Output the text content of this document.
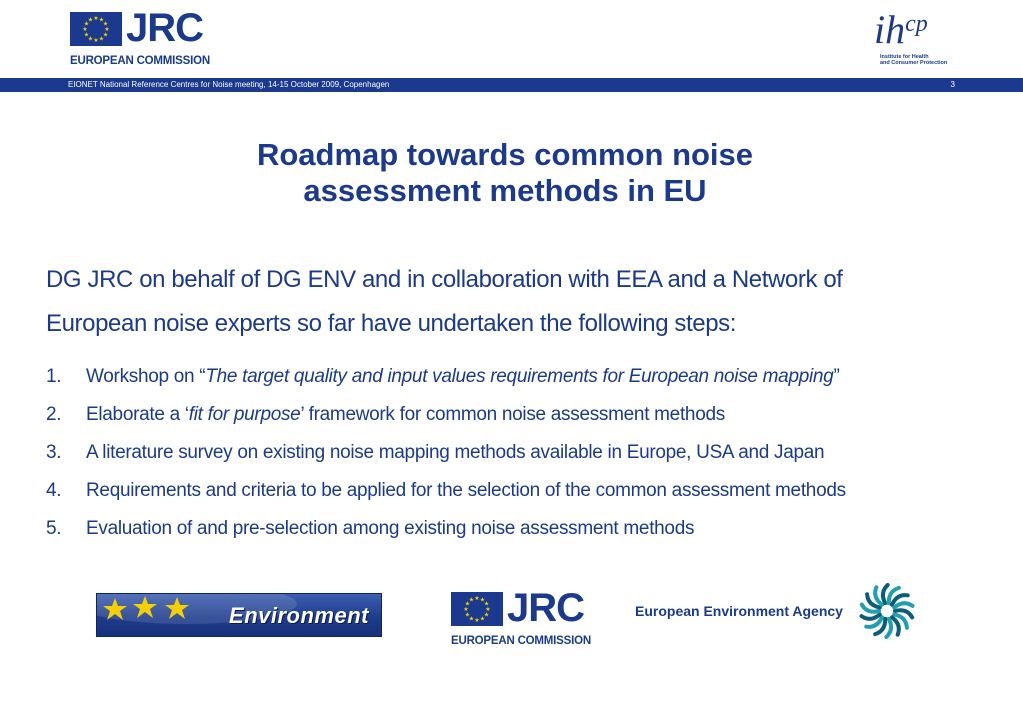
★
★
★
★
★
★
★
★
★ ★ ★
★ JRC
EUROPEAN COMMISSION
$ih^{cp}$
Institute for Health
and Consumer Protection
EIONET National Reference Centres for Noise meeting, 14-15 October 2009, Copenhagen	3
Roadmap towards common noise
assessment methods in EU
DG JRC on behalf of DG ENV and in collaboration with EEA and a Network of
European noise experts so far have undertaken the following steps:
1. Workshop on “The target quality and input values requirements for European noise mapping”
2. Elaborate a ‘fit for purpose’ framework for common noise assessment methods
3. A literature survey on existing noise mapping methods available in Europe, USA and Japan
4. Requirements and criteria to be applied for the selection of the common assessment methods
5. Evaluation of and pre-selection among existing noise assessment methods
Environment	★
★
★
★
★
★
★
★
★ ★ ★
★ JRC
EUROPEAN COMMISSION
European Environment Agency
